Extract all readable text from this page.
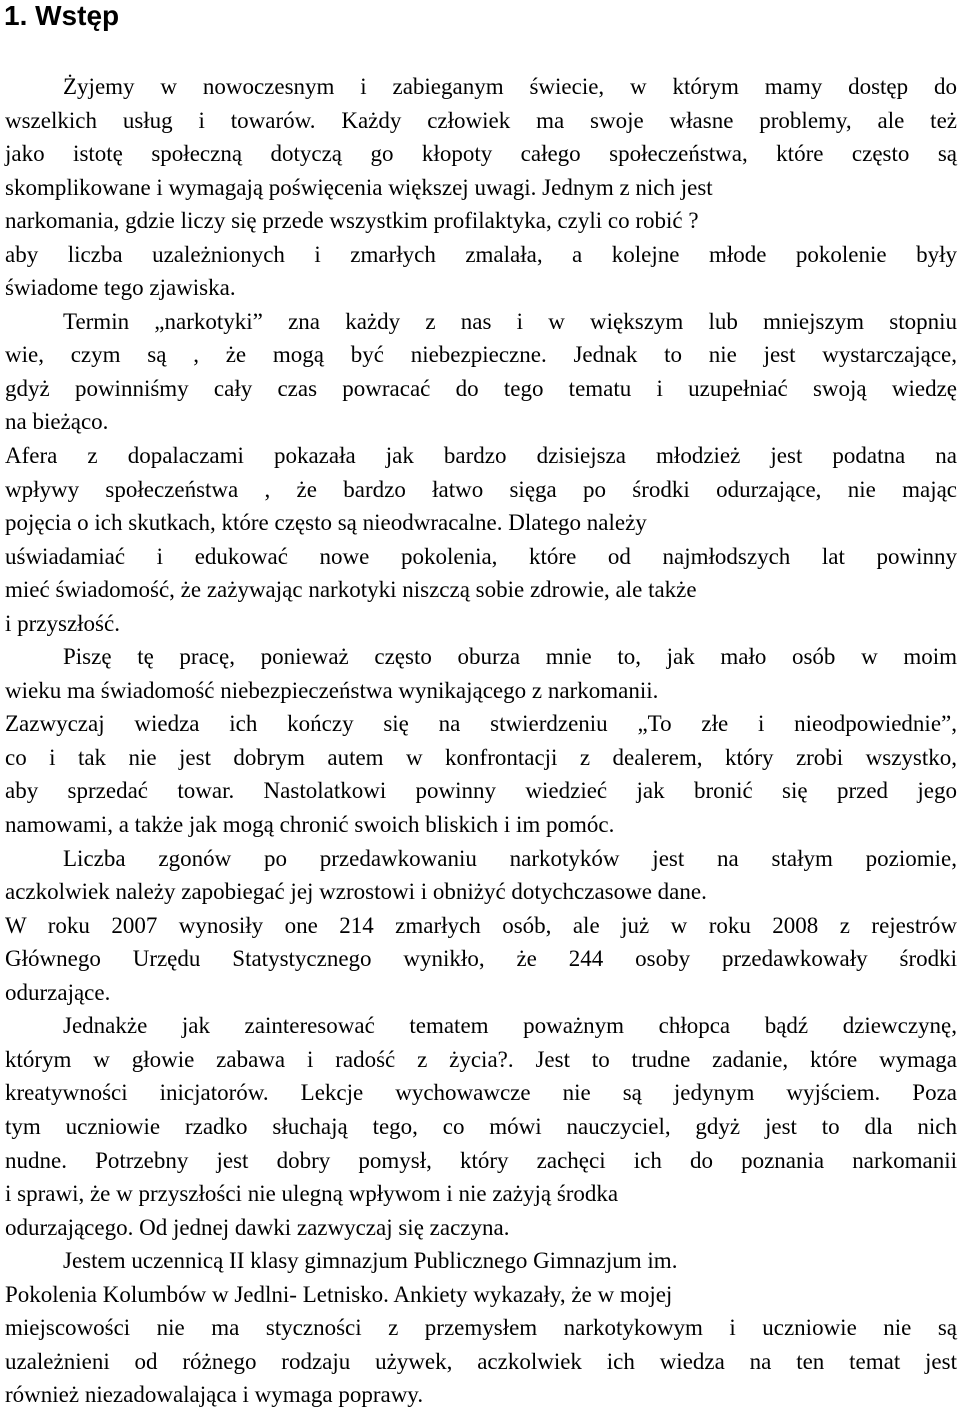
1. Wstęp
Żyjemy w nowoczesnym i zabieganym świecie, w którym mamy dostęp do
wszelkich usług i towarów. Każdy człowiek ma swoje własne problemy, ale też
jako istotę społeczną dotyczą go kłopoty całego społeczeństwa, które często są
skomplikowane i wymagają poświęcenia większej uwagi. Jednym z nich jest
narkomania, gdzie liczy się przede wszystkim profilaktyka, czyli co robić ?
aby liczba uzależnionych i zmarłych zmalała, a kolejne młode pokolenie były
świadome tego zjawiska.
Termin „narkotyki” zna każdy z nas i w większym lub mniejszym stopniu
wie, czym są , że mogą być niebezpieczne. Jednak to nie jest wystarczające,
gdyż powinniśmy cały czas powracać do tego tematu i uzupełniać swoją wiedzę
na bieżąco.
Afera z dopalaczami pokazała jak bardzo dzisiejsza młodzież jest podatna na
wpływy społeczeństwa , że bardzo łatwo sięga po środki odurzające, nie mając
pojęcia o ich skutkach, które często są nieodwracalne. Dlatego należy
uświadamiać i edukować nowe pokolenia, które od najmłodszych lat powinny
mieć świadomość, że zażywając narkotyki niszczą sobie zdrowie, ale także
i przyszłość.
Piszę tę pracę, ponieważ często oburza mnie to, jak mało osób w moim
wieku ma świadomość niebezpieczeństwa wynikającego z narkomanii.
Zazwyczaj wiedza ich kończy się na stwierdzeniu „To złe i nieodpowiednie”,
co i tak nie jest dobrym autem w konfrontacji z dealerem, który zrobi wszystko,
aby sprzedać towar. Nastolatkowi powinny wiedzieć jak bronić się przed jego
namowami, a także jak mogą chronić swoich bliskich i im pomóc.
Liczba zgonów po przedawkowaniu narkotyków jest na stałym poziomie,
aczkolwiek należy zapobiegać jej wzrostowi i obniżyć dotychczasowe dane.
W roku 2007 wynosiły one 214 zmarłych osób, ale już w roku 2008 z rejestrów
Głównego Urzędu Statystycznego wynikło, że 244 osoby przedawkowały środki
odurzające.
Jednakże jak zainteresować tematem poważnym chłopca bądź dziewczynę,
którym w głowie zabawa i radość z życia?. Jest to trudne zadanie, które wymaga
kreatywności inicjatorów. Lekcje wychowawcze nie są jedynym wyjściem. Poza
tym uczniowie rzadko słuchają tego, co mówi nauczyciel, gdyż jest to dla nich
nudne. Potrzebny jest dobry pomysł, który zachęci ich do poznania narkomanii
i sprawi, że w przyszłości nie ulegną wpływom i nie zażyją środka
odurzającego. Od jednej dawki zazwyczaj się zaczyna.
Jestem uczennicą II klasy gimnazjum Publicznego Gimnazjum im.
Pokolenia Kolumbów w Jedlni- Letnisko. Ankiety wykazały, że w mojej
miejscowości nie ma styczności z przemysłem narkotykowym i uczniowie nie są
uzależnieni od różnego rodzaju używek, aczkolwiek ich wiedza na ten temat jest
również niezadowalająca i wymaga poprawy.
